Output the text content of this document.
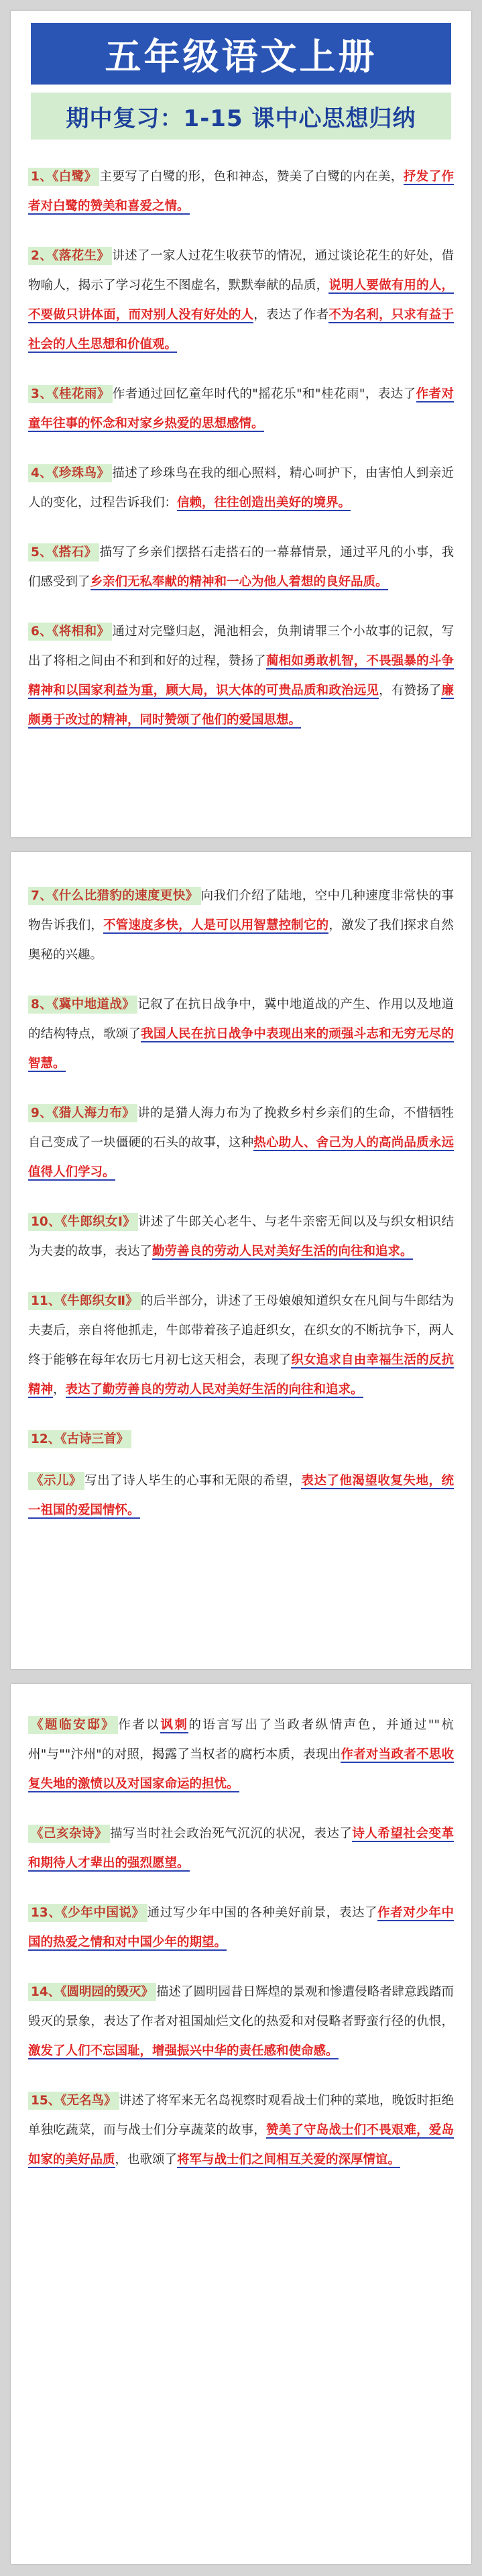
五年级语文上册
期中复习：1-15 课中心思想归纳

1、《白鹭》 主要写了白鹭的形，色和神态，赞美了白鹭的内在美，抒发了作者对白鹭的赞美和喜爱之情。

2、《落花生》 讲述了一家人过花生收获节的情况，通过谈论花生的好处，借物喻人，揭示了学习花生不图虚名，默默奉献的品质，说明人要做有用的人，不要做只讲体面，而对别人没有好处的人，表达了作者不为名利，只求有益于社会的人生思想和价值观。

3、《桂花雨》 作者通过回忆童年时代的"摇花乐"和"桂花雨"，表达了作者对童年往事的怀念和对家乡热爱的思想感情。

4、《珍珠鸟》 描述了珍珠鸟在我的细心照料，精心呵护下，由害怕人到亲近人的变化，过程告诉我们：信赖，往往创造出美好的境界。

5、《搭石》 描写了乡亲们摆搭石走搭石的一幕幕情景，通过平凡的小事，我们感受到了乡亲们无私奉献的精神和一心为他人着想的良好品质。

6、《将相和》 通过对完璧归赵，渑池相会，负荆请罪三个小故事的记叙，写出了将相之间由不和到和好的过程，赞扬了蔺相如勇敢机智，不畏强暴的斗争精神和以国家利益为重，顾大局，识大体的可贵品质和政治远见，有赞扬了廉颇勇于改过的精神，同时赞颂了他们的爱国思想。

7、《什么比猎豹的速度更快》 向我们介绍了陆地，空中几种速度非常快的事物告诉我们，不管速度多快，人是可以用智慧控制它的，激发了我们探求自然奥秘的兴趣。

8、《冀中地道战》 记叙了在抗日战争中，冀中地道战的产生、作用以及地道的结构特点，歌颂了我国人民在抗日战争中表现出来的顽强斗志和无穷无尽的智慧。

9、《猎人海力布》 讲的是猎人海力布为了挽救乡村乡亲们的生命，不惜牺牲自己变成了一块僵硬的石头的故事，这种热心助人、舍己为人的高尚品质永远值得人们学习。

10、《牛郎织女Ⅰ》 讲述了牛郎关心老牛、与老牛亲密无间以及与织女相识结为夫妻的故事，表达了勤劳善良的劳动人民对美好生活的向往和追求。

11、《牛郎织女Ⅱ》 的后半部分，讲述了王母娘娘知道织女在凡间与牛郎结为夫妻后，亲自将他抓走，牛郎带着孩子追赶织女，在织女的不断抗争下，两人终于能够在每年农历七月初七这天相会，表现了织女追求自由幸福生活的反抗精神，表达了勤劳善良的劳动人民对美好生活的向往和追求。

12、《古诗三首》

《示儿》 写出了诗人毕生的心事和无限的希望，表达了他渴望收复失地，统一祖国的爱国情怀。

《题临安邸》 作者以讽刺的语言写出了当政者纵情声色，并通过""杭州"与""汴州"的对照，揭露了当权者的腐朽本质，表现出作者对当政者不思收复失地的激愤以及对国家命运的担忧。

《己亥杂诗》 描写当时社会政治死气沉沉的状况，表达了诗人希望社会变革和期待人才辈出的强烈愿望。

13、《少年中国说》 通过写少年中国的各种美好前景，表达了作者对少年中国的热爱之情和对中国少年的期望。

14、《圆明园的毁灭》 描述了圆明园昔日辉煌的景观和惨遭侵略者肆意践踏而毁灭的景象，表达了作者对祖国灿烂文化的热爱和对侵略者野蛮行径的仇恨，激发了人们不忘国耻，增强振兴中华的责任感和使命感。

15、《无名鸟》 讲述了将军来无名岛视察时观看战士们种的菜地，晚饭时拒绝单独吃蔬菜，而与战士们分享蔬菜的故事，赞美了守岛战士们不畏艰难，爱岛如家的美好品质，也歌颂了将军与战士们之间相互关爱的深厚情谊。
